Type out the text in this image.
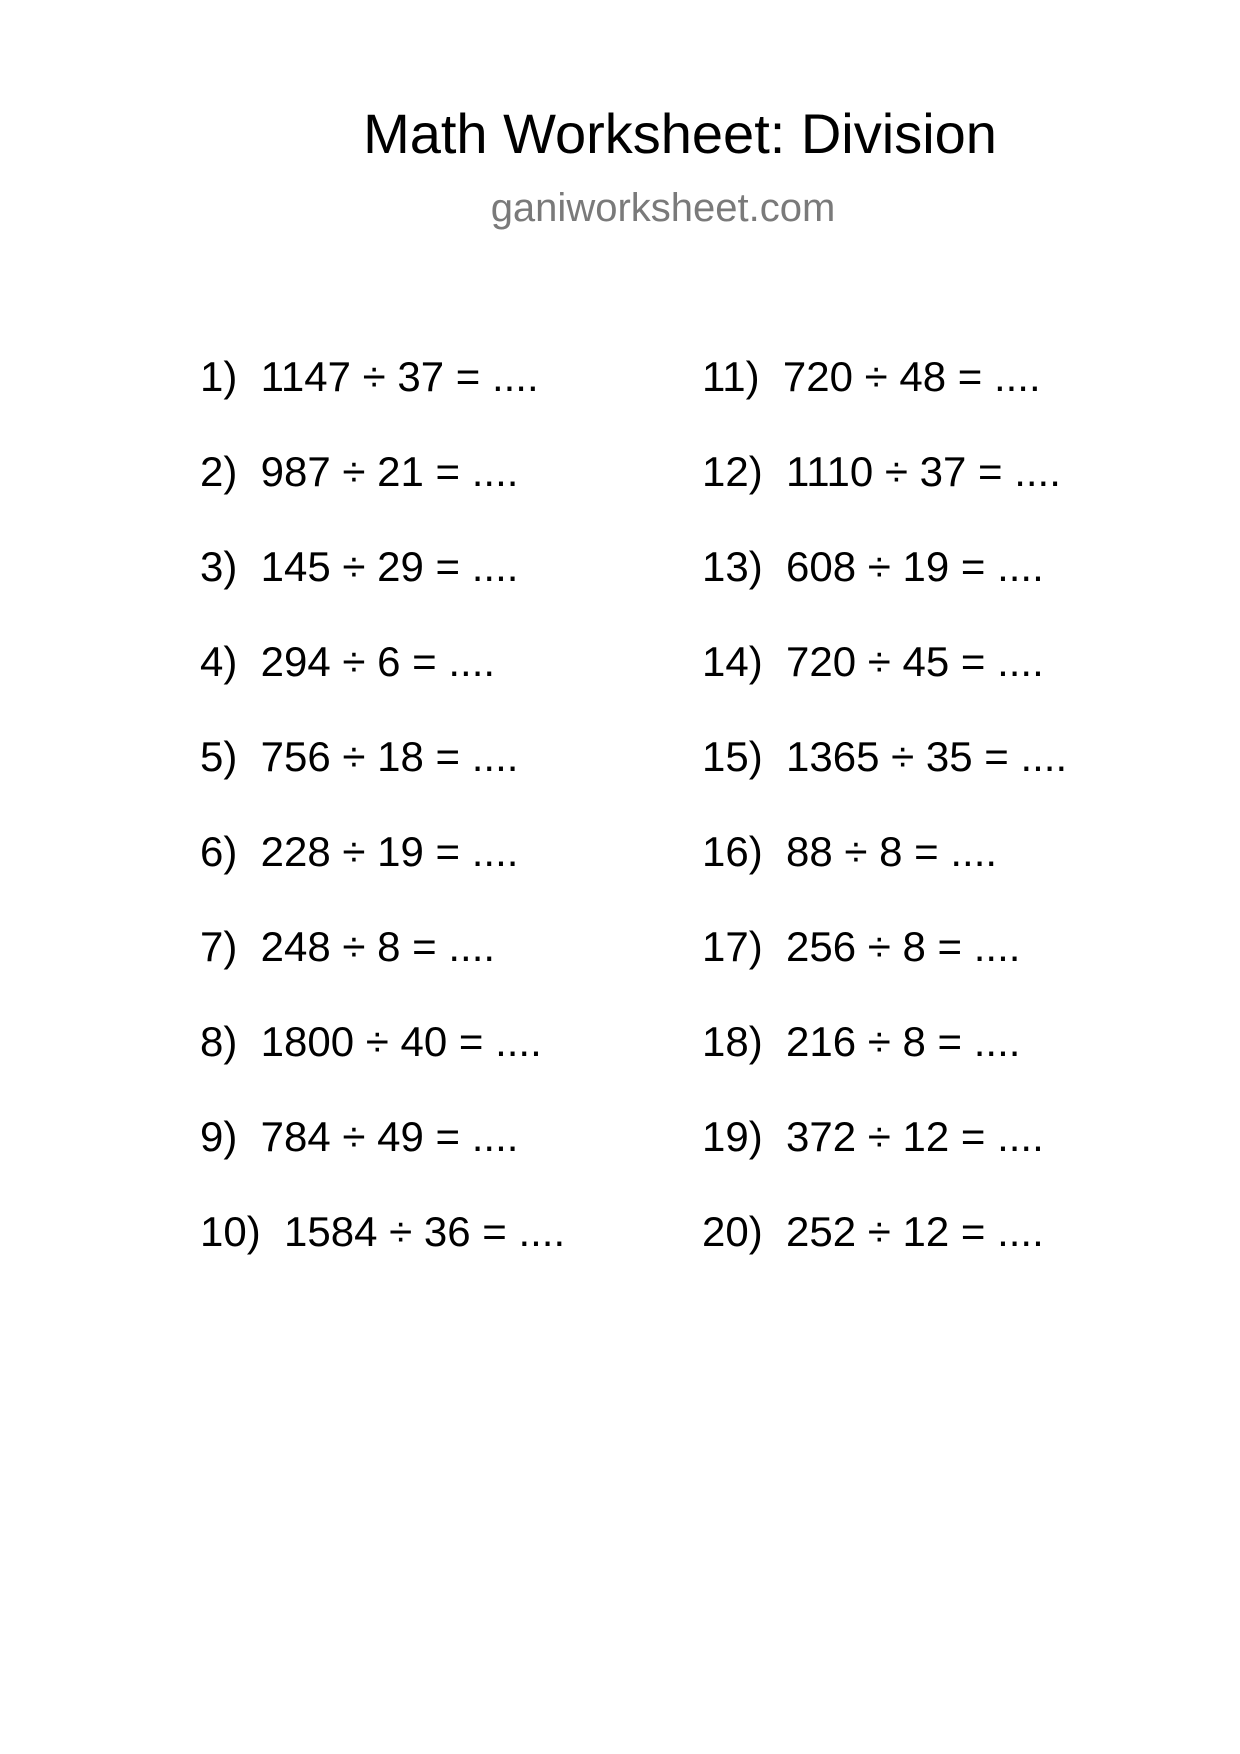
Math Worksheet: Division
ganiworksheet.com
1)  1147 ÷ 37 = ....
2)  987 ÷ 21 = ....
3)  145 ÷ 29 = ....
4)  294 ÷ 6 = ....
5)  756 ÷ 18 = ....
6)  228 ÷ 19 = ....
7)  248 ÷ 8 = ....
8)  1800 ÷ 40 = ....
9)  784 ÷ 49 = ....
10)  1584 ÷ 36 = ....
11)  720 ÷ 48 = ....
12)  1110 ÷ 37 = ....
13)  608 ÷ 19 = ....
14)  720 ÷ 45 = ....
15)  1365 ÷ 35 = ....
16)  88 ÷ 8 = ....
17)  256 ÷ 8 = ....
18)  216 ÷ 8 = ....
19)  372 ÷ 12 = ....
20)  252 ÷ 12 = ....
